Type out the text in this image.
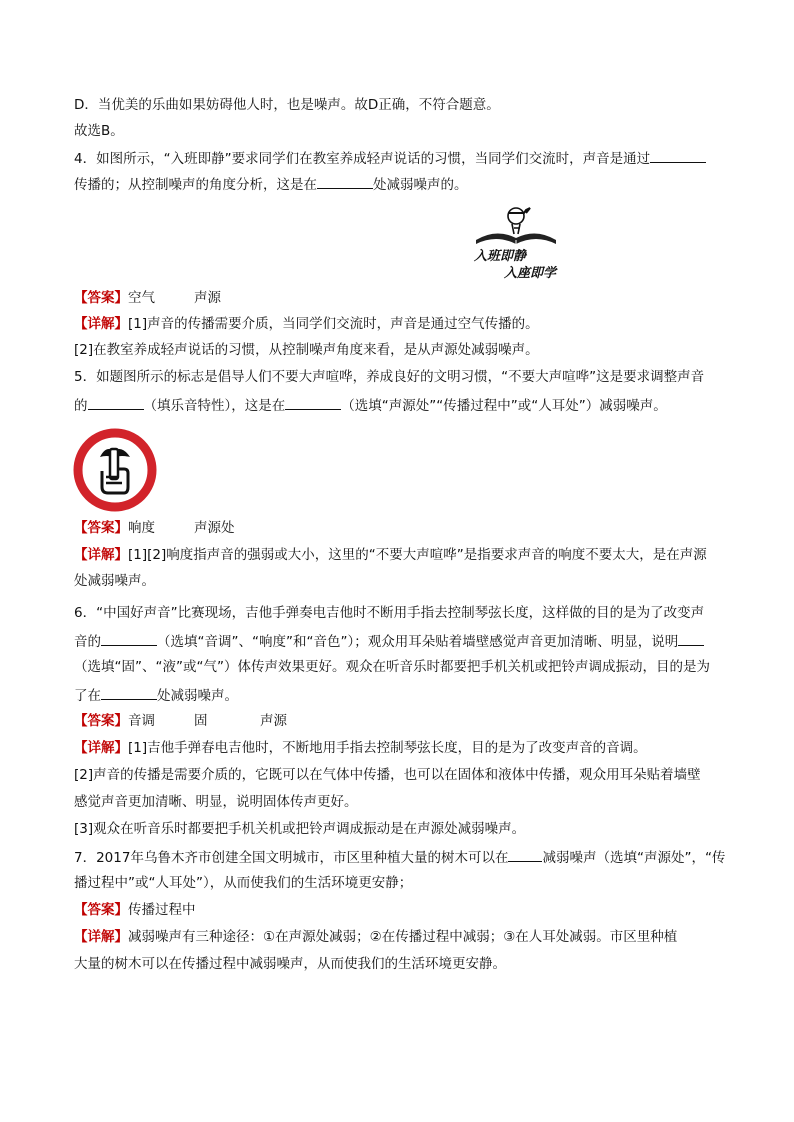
D．当优美的乐曲如果妨碍他人时，也是噪声。故D正确，不符合题意。
故选B。
4．如图所示，“入班即静”要求同学们在教室养成轻声说话的习惯，当同学们交流时，声音是通过
传播的；从控制噪声的角度分析，这是在	处减弱噪声的。
入班即静
入座即学
【答案】空气	声源
【详解】[1]声音的传播需要介质，当同学们交流时，声音是通过空气传播的。
[2]在教室养成轻声说话的习惯，从控制噪声角度来看，是从声源处减弱噪声。
5．如题图所示的标志是倡导人们不要大声喧哗，养成良好的文明习惯，“不要大声喧哗”这是要求调整声音
的	（填乐音特性），这是在	（选填“声源处”“传播过程中”或“人耳处”）减弱噪声。
【答案】响度	声源处
【详解】[1][2]响度指声音的强弱或大小，这里的“不要大声喧哗”是指要求声音的响度不要太大，是在声源
处减弱噪声。
6．“中国好声音”比赛现场，吉他手弹奏电吉他时不断用手指去控制琴弦长度，这样做的目的是为了改变声
音的	（选填“音调”、“响度”和“音色”）；观众用耳朵贴着墙壁感觉声音更加清晰、明显，说明
（选填“固”、“液”或“气”）体传声效果更好。观众在听音乐时都要把手机关机或把铃声调成振动，目的是为
了在	处减弱噪声。
【答案】音调	固	声源
【详解】[1]吉他手弹春电吉他时，不断地用手指去控制琴弦长度，目的是为了改变声音的音调。
[2]声音的传播是需要介质的，它既可以在气体中传播，也可以在固体和液体中传播，观众用耳朵贴着墙壁
感觉声音更加清晰、明显，说明固体传声更好。
[3]观众在听音乐时都要把手机关机或把铃声调成振动是在声源处减弱噪声。
7．2017年乌鲁木齐市创建全国文明城市，市区里种植大量的树木可以在	减弱噪声（选填“声源处”，“传
播过程中”或“人耳处”），从而使我们的生活环境更安静；
【答案】传播过程中
【详解】减弱噪声有三种途径：①在声源处减弱；②在传播过程中减弱；③在人耳处减弱。市区里种植
大量的树木可以在传播过程中减弱噪声，从而使我们的生活环境更安静。
